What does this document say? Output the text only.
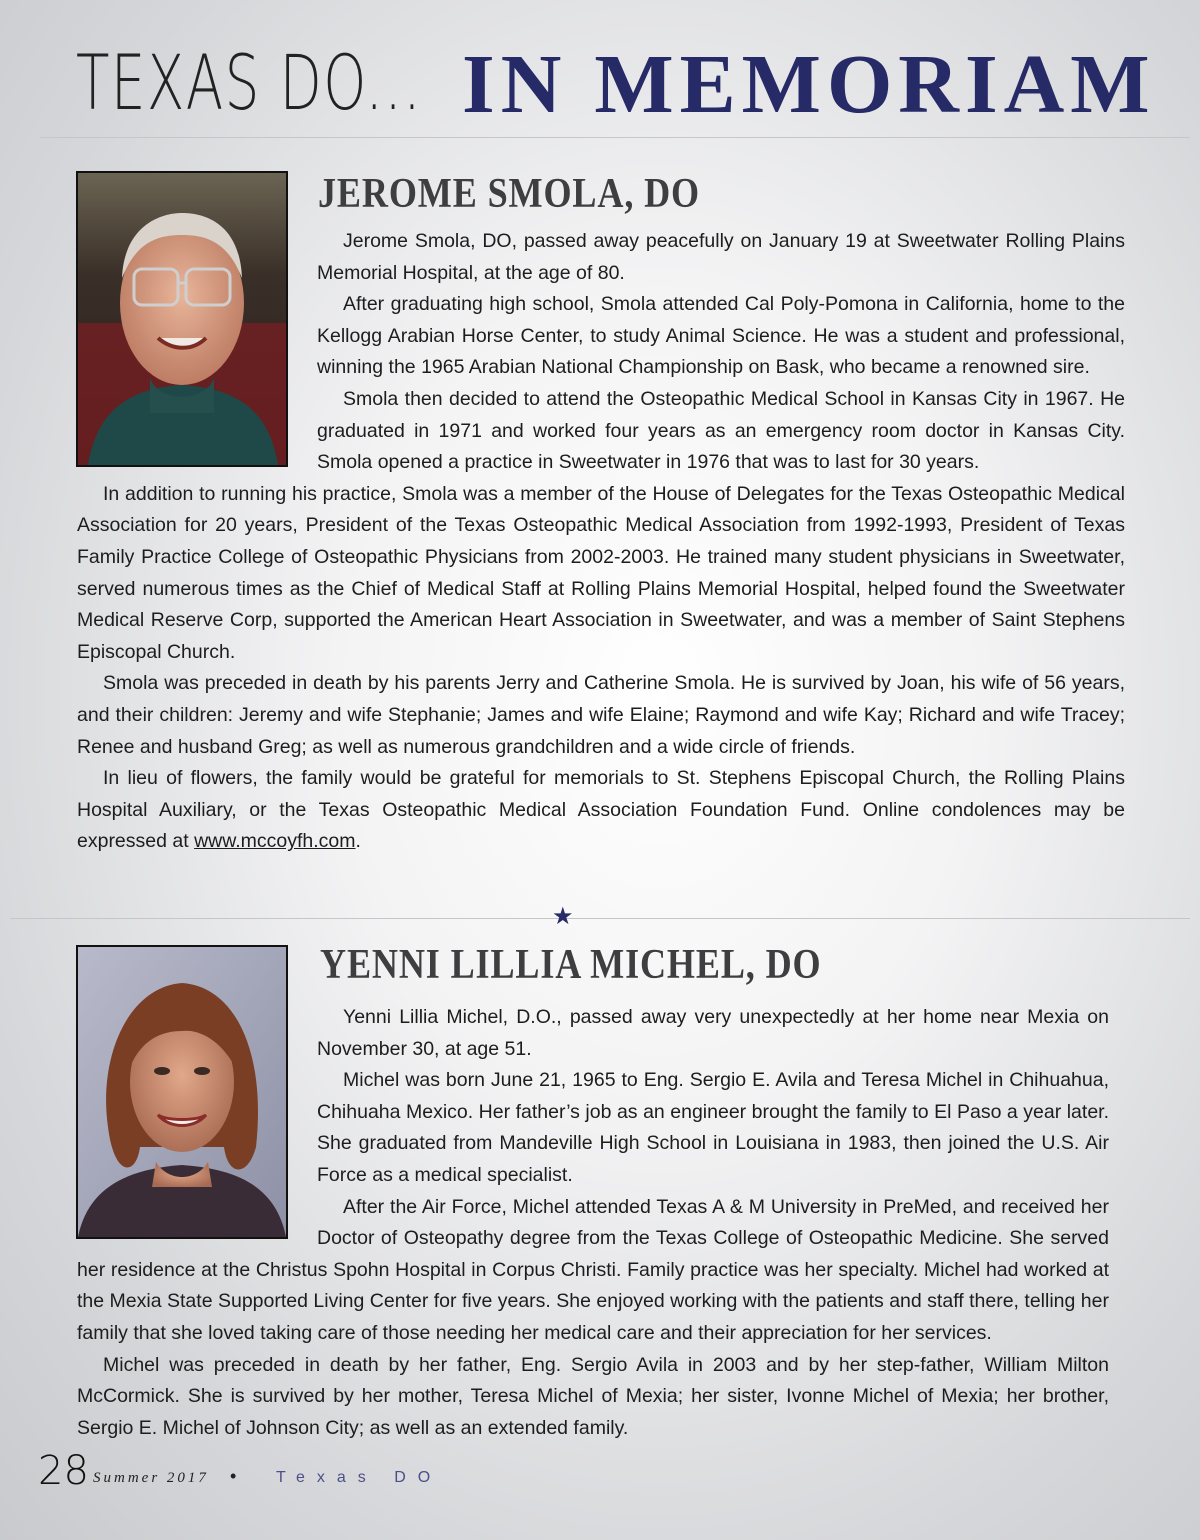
TEXAS DO... IN MEMORIAM
JEROME SMOLA, DO

Jerome Smola, DO, passed away peacefully on January 19 at Sweetwater Rolling Plains Memorial Hospital, at the age of 80.

After graduating high school, Smola attended Cal Poly-Pomona in California, home to the Kellogg Arabian Horse Center, to study Animal Science. He was a student and professional, winning the 1965 Arabian National Championship on Bask, who became a renowned sire.

Smola then decided to attend the Osteopathic Medical School in Kansas City in 1967. He graduated in 1971 and worked four years as an emergency room doctor in Kansas City. Smola opened a practice in Sweetwater in 1976 that was to last for 30 years.

In addition to running his practice, Smola was a member of the House of Delegates for the Texas Osteopathic Medical Association for 20 years, President of the Texas Osteopathic Medical Association from 1992-1993, President of Texas Family Practice College of Osteopathic Physicians from 2002-2003. He trained many student physicians in Sweetwater, served numerous times as the Chief of Medical Staff at Rolling Plains Memorial Hospital, helped found the Sweetwater Medical Reserve Corp, supported the American Heart Association in Sweetwater, and was a member of Saint Stephens Episcopal Church.

Smola was preceded in death by his parents Jerry and Catherine Smola. He is survived by Joan, his wife of 56 years, and their children: Jeremy and wife Stephanie; James and wife Elaine; Raymond and wife Kay; Richard and wife Tracey; Renee and husband Greg; as well as numerous grandchildren and a wide circle of friends.

In lieu of flowers, the family would be grateful for memorials to St. Stephens Episcopal Church, the Rolling Plains Hospital Auxiliary, or the Texas Osteopathic Medical Association Foundation Fund. Online condolences may be expressed at www.mccoyfh.com.

★
YENNI LILLIA MICHEL, DO

Yenni Lillia Michel, D.O., passed away very unexpectedly at her home near Mexia on November 30, at age 51.

Michel was born June 21, 1965 to Eng. Sergio E. Avila and Teresa Michel in Chihuahua, Chihuaha Mexico. Her father’s job as an engineer brought the family to El Paso a year later. She graduated from Mandeville High School in Louisiana in 1983, then joined the U.S. Air Force as a medical specialist.

After the Air Force, Michel attended Texas A & M University in PreMed, and received her Doctor of Osteopathy degree from the Texas College of Osteopathic Medicine. She served her residence at the Christus Spohn Hospital in Corpus Christi. Family practice was her specialty. Michel had worked at the Mexia State Supported Living Center for five years. She enjoyed working with the patients and staff there, telling her family that she loved taking care of those needing her medical care and their appreciation for her services.

Michel was preceded in death by her father, Eng. Sergio Avila in 2003 and by her step-father, William Milton McCormick. She is survived by her mother, Teresa Michel of Mexia; her sister, Ivonne Michel of Mexia; her brother, Sergio E. Michel of Johnson City; as well as an extended family.

28 Summer 2017 • Texas DO
